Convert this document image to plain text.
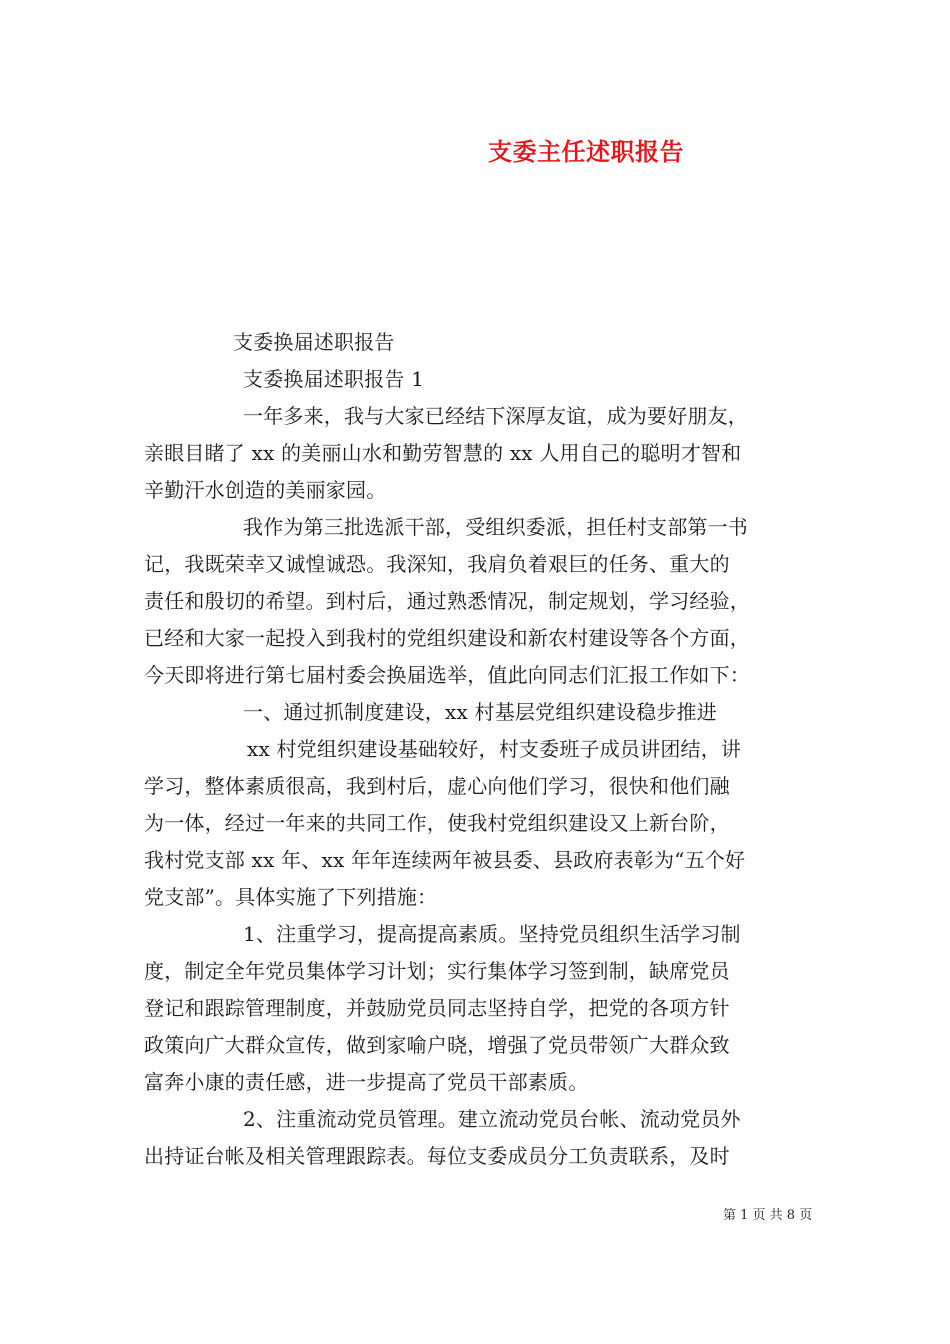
支委主任述职报告
支委换届述职报告
支委换届述职报告 1
一年多来，我与大家已经结下深厚友谊，成为要好朋友，
亲眼目睹了 xx 的美丽山水和勤劳智慧的 xx 人用自己的聪明才智和
辛勤汗水创造的美丽家园。
我作为第三批选派干部，受组织委派，担任村支部第一书
记，我既荣幸又诚惶诚恐。我深知，我肩负着艰巨的任务、重大的
责任和殷切的希望。到村后，通过熟悉情况，制定规划，学习经验，
已经和大家一起投入到我村的党组织建设和新农村建设等各个方面，
今天即将进行第七届村委会换届选举，值此向同志们汇报工作如下：
一、通过抓制度建设，xx 村基层党组织建设稳步推进
xx 村党组织建设基础较好，村支委班子成员讲团结，讲
学习，整体素质很高，我到村后，虚心向他们学习，很快和他们融
为一体，经过一年来的共同工作，使我村党组织建设又上新台阶，
我村党支部 xx 年、xx 年年连续两年被县委、县政府表彰为“五个好
党支部”。具体实施了下列措施：
1、注重学习，提高提高素质。坚持党员组织生活学习制
度，制定全年党员集体学习计划；实行集体学习签到制，缺席党员
登记和跟踪管理制度，并鼓励党员同志坚持自学，把党的各项方针
政策向广大群众宣传，做到家喻户晓，增强了党员带领广大群众致
富奔小康的责任感，进一步提高了党员干部素质。
2、注重流动党员管理。建立流动党员台帐、流动党员外
出持证台帐及相关管理跟踪表。每位支委成员分工负责联系，及时
第 1 页 共 8 页
